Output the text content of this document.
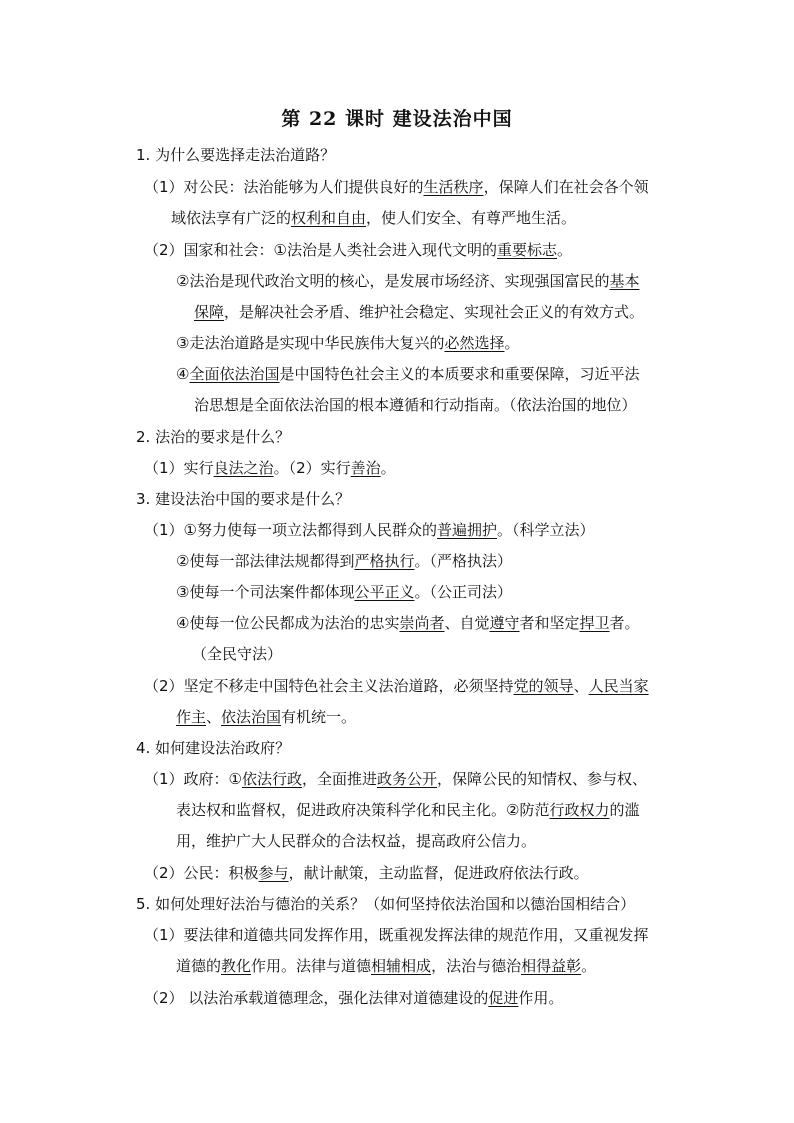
第 22 课时 建设法治中国
1. 为什么要选择走法治道路？
（1）对公民：法治能够为人们提供良好的生活秩序，保障人们在社会各个领
域依法享有广泛的权利和自由，使人们安全、有尊严地生活。
（2）国家和社会：①法治是人类社会进入现代文明的重要标志。
②法治是现代政治文明的核心，是发展市场经济、实现强国富民的基本
保障，是解决社会矛盾、维护社会稳定、实现社会正义的有效方式。
③走法治道路是实现中华民族伟大复兴的必然选择。
④全面依法治国是中国特色社会主义的本质要求和重要保障，习近平法
治思想是全面依法治国的根本遵循和行动指南。（依法治国的地位）
2. 法治的要求是什么？
（1）实行良法之治。（2）实行善治。
3. 建设法治中国的要求是什么？
（1）①努力使每一项立法都得到人民群众的普遍拥护。（科学立法）
②使每一部法律法规都得到严格执行。（严格执法）
③使每一个司法案件都体现公平正义。（公正司法）
④使每一位公民都成为法治的忠实崇尚者、自觉遵守者和坚定捍卫者。
（全民守法）
（2）坚定不移走中国特色社会主义法治道路，必须坚持党的领导、人民当家
作主、依法治国有机统一。
4. 如何建设法治政府？
（1）政府：①依法行政，全面推进政务公开，保障公民的知情权、参与权、
表达权和监督权，促进政府决策科学化和民主化。②防范行政权力的滥
用，维护广大人民群众的合法权益，提高政府公信力。
（2）公民：积极参与，献计献策，主动监督，促进政府依法行政。
5. 如何处理好法治与德治的关系？（如何坚持依法治国和以德治国相结合）
（1）要法律和道德共同发挥作用，既重视发挥法律的规范作用，又重视发挥
道德的教化作用。法律与道德相辅相成，法治与德治相得益彰。
（2） 以法治承载道德理念，强化法律对道德建设的促进作用。
